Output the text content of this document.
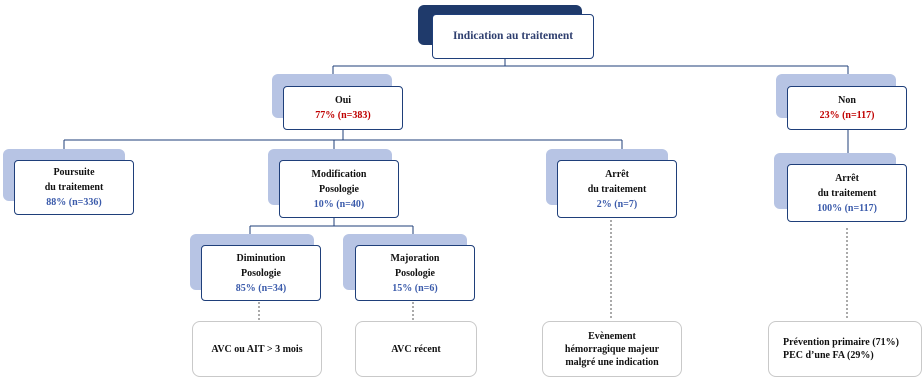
Indication au traitement
Oui
77% (n=383)
Non
23% (n=117)
Poursuite
du traitement
88% (n=336)
Modification
Posologie
10% (n=40)
Arrêt
du traitement
2% (n=7)
Arrêt
du traitement
100% (n=117)
Diminution
Posologie
85% (n=34)
Majoration
Posologie
15% (n=6)
AVC ou AIT > 3 mois	AVC récent
Evènement
hémorragique majeur
malgré une indication
Prévention primaire (71%)
PEC d’une FA (29%)
